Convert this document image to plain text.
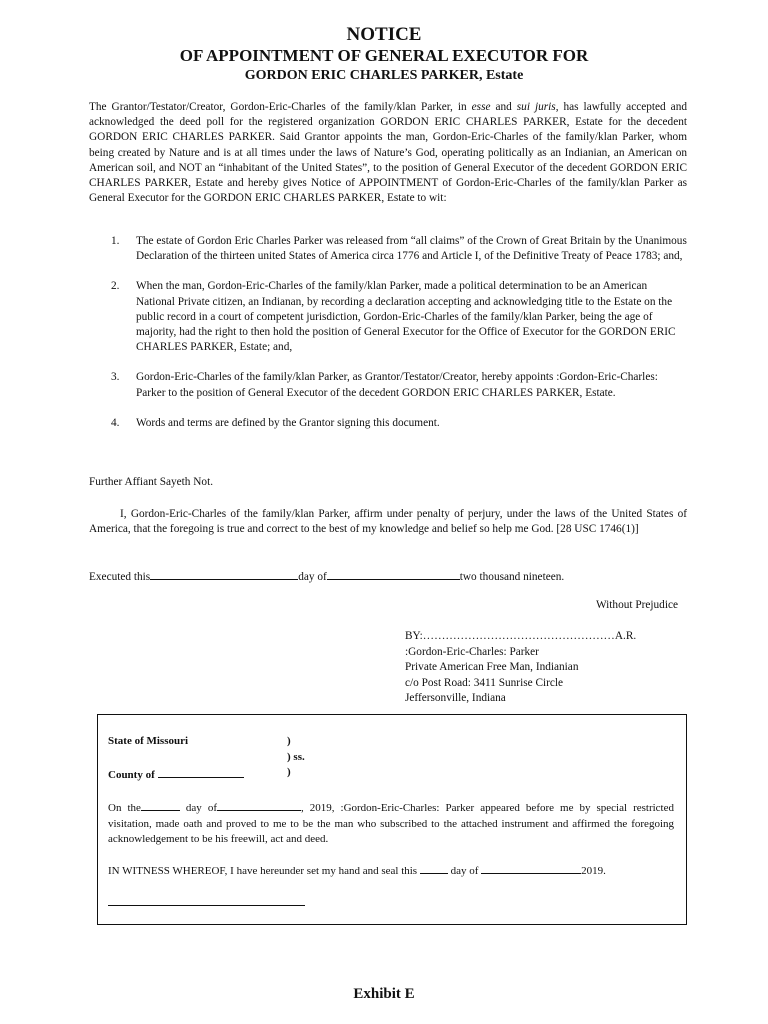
NOTICE
OF APPOINTMENT OF GENERAL EXECUTOR FOR
GORDON ERIC CHARLES PARKER, Estate
The Grantor/Testator/Creator, Gordon-Eric-Charles of the family/klan Parker, in esse and sui juris, has lawfully accepted and acknowledged the deed poll for the registered organization GORDON ERIC CHARLES PARKER, Estate for the decedent GORDON ERIC CHARLES PARKER. Said Grantor appoints the man, Gordon-Eric-Charles of the family/klan Parker, whom being created by Nature and is at all times under the laws of Nature’s God, operating politically as an Indianian, an American on American soil, and NOT an “inhabitant of the United States”, to the position of General Executor of the decedent GORDON ERIC CHARLES PARKER, Estate and hereby gives Notice of APPOINTMENT of Gordon-Eric-Charles of the family/klan Parker as General Executor for the GORDON ERIC CHARLES PARKER, Estate to wit:
1. The estate of Gordon Eric Charles Parker was released from “all claims” of the Crown of Great Britain by the Unanimous Declaration of the thirteen united States of America circa 1776 and Article I, of the Definitive Treaty of Peace 1783; and,
2. When the man, Gordon-Eric-Charles of the family/klan Parker, made a political determination to be an American National Private citizen, an Indianan, by recording a declaration accepting and acknowledging title to the Estate on the public record in a court of competent jurisdiction, Gordon-Eric-Charles of the family/klan Parker, being the age of majority, had the right to then hold the position of General Executor for the Office of Executor for the GORDON ERIC CHARLES PARKER, Estate; and,
3. Gordon-Eric-Charles of the family/klan Parker, as Grantor/Testator/Creator, hereby appoints :Gordon-Eric-Charles: Parker to the position of General Executor of the decedent GORDON ERIC CHARLES PARKER, Estate.
4. Words and terms are defined by the Grantor signing this document.
Further Affiant Sayeth Not.
I, Gordon-Eric-Charles of the family/klan Parker, affirm under penalty of perjury, under the laws of the United States of America, that the foregoing is true and correct to the best of my knowledge and belief so help me God. [28 USC 1746(1)]
Executed this	day of	two thousand nineteen.
Without Prejudice
BY:……………………………………………A.R.
:Gordon-Eric-Charles: Parker
Private American Free Man, Indianian
c/o Post Road: 3411 Sunrise Circle
Jeffersonville, Indiana
State of Missouri	)
) ss.
County of	)
On the	day of	, 2019, :Gordon-Eric-Charles: Parker appeared before me by special restricted visitation, made oath and proved to me to be the man who subscribed to the attached instrument and affirmed the foregoing acknowledgement to be his freewill, act and deed.
IN WITNESS WHEREOF, I have hereunder set my hand and seal this	day of	2019.
Exhibit E
